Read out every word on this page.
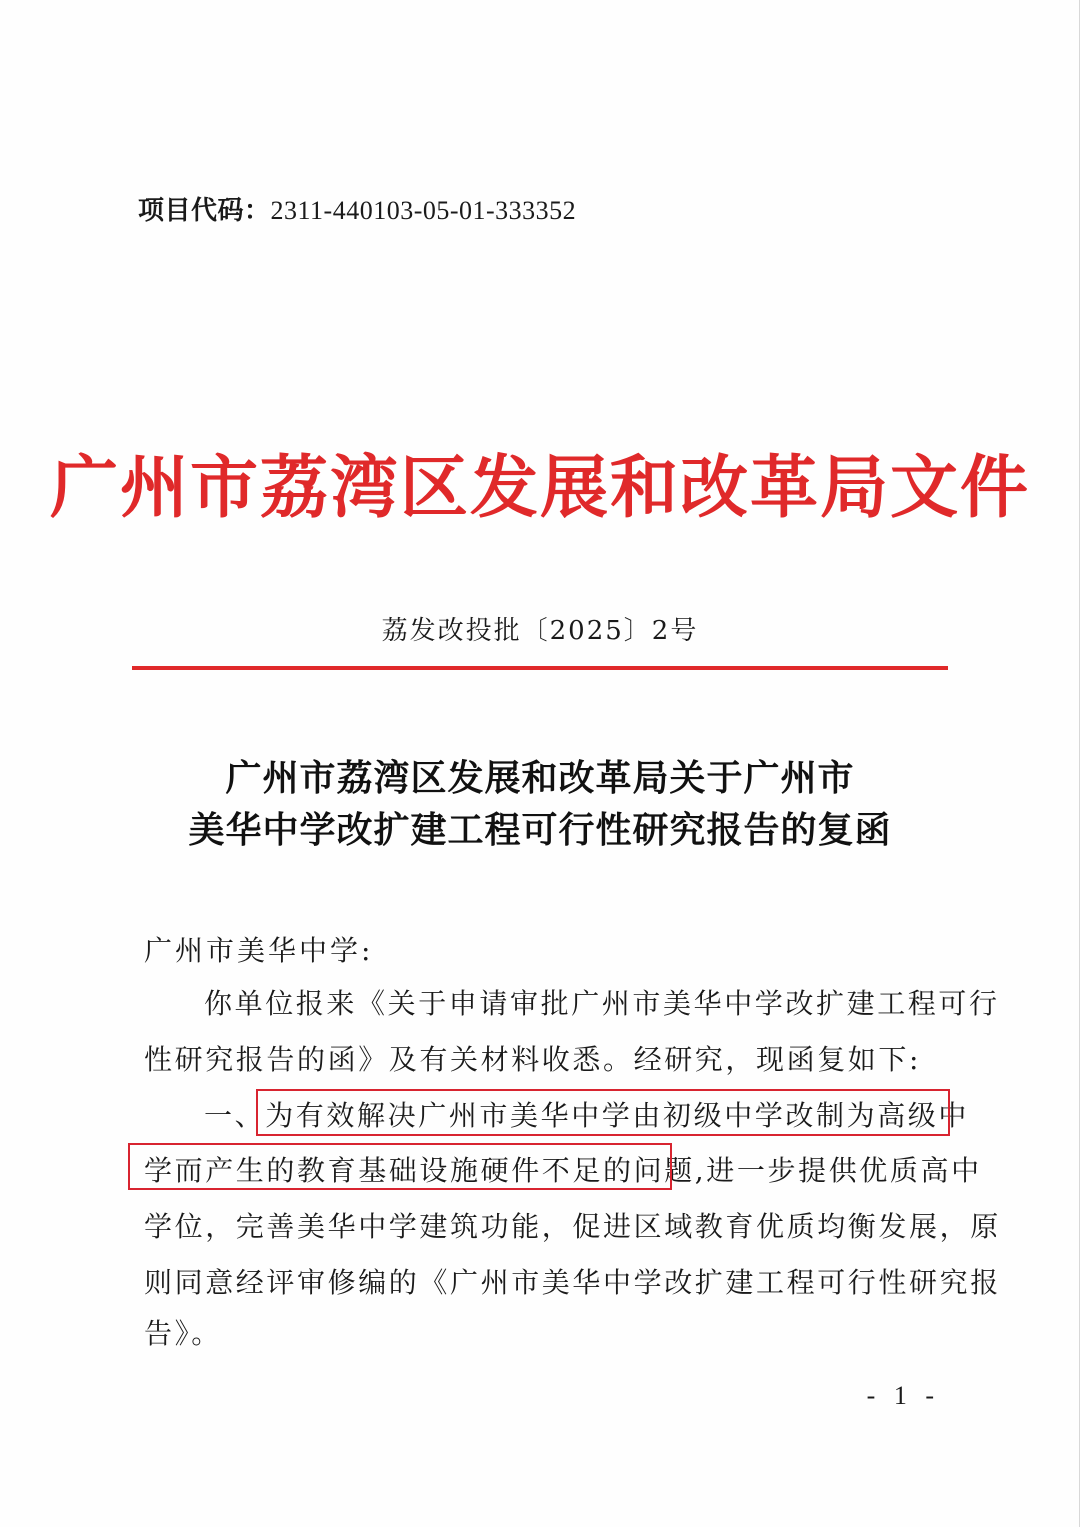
项目代码：2311-440103-05-01-333352
广州市荔湾区发展和改革局文件
荔发改投批〔2025〕2号
广州市荔湾区发展和改革局关于广州市
美华中学改扩建工程可行性研究报告的复函
广州市美华中学:
你单位报来《关于申请审批广州市美华中学改扩建工程可行
性研究报告的函》及有关材料收悉。经研究，现函复如下:
一、为有效解决广州市美华中学由初级中学改制为高级中
学而产生的教育基础设施硬件不足的问题,进一步提供优质高中
学位，完善美华中学建筑功能，促进区域教育优质均衡发展，原
则同意经评审修编的《广州市美华中学改扩建工程可行性研究报
告》。
- 1 -
